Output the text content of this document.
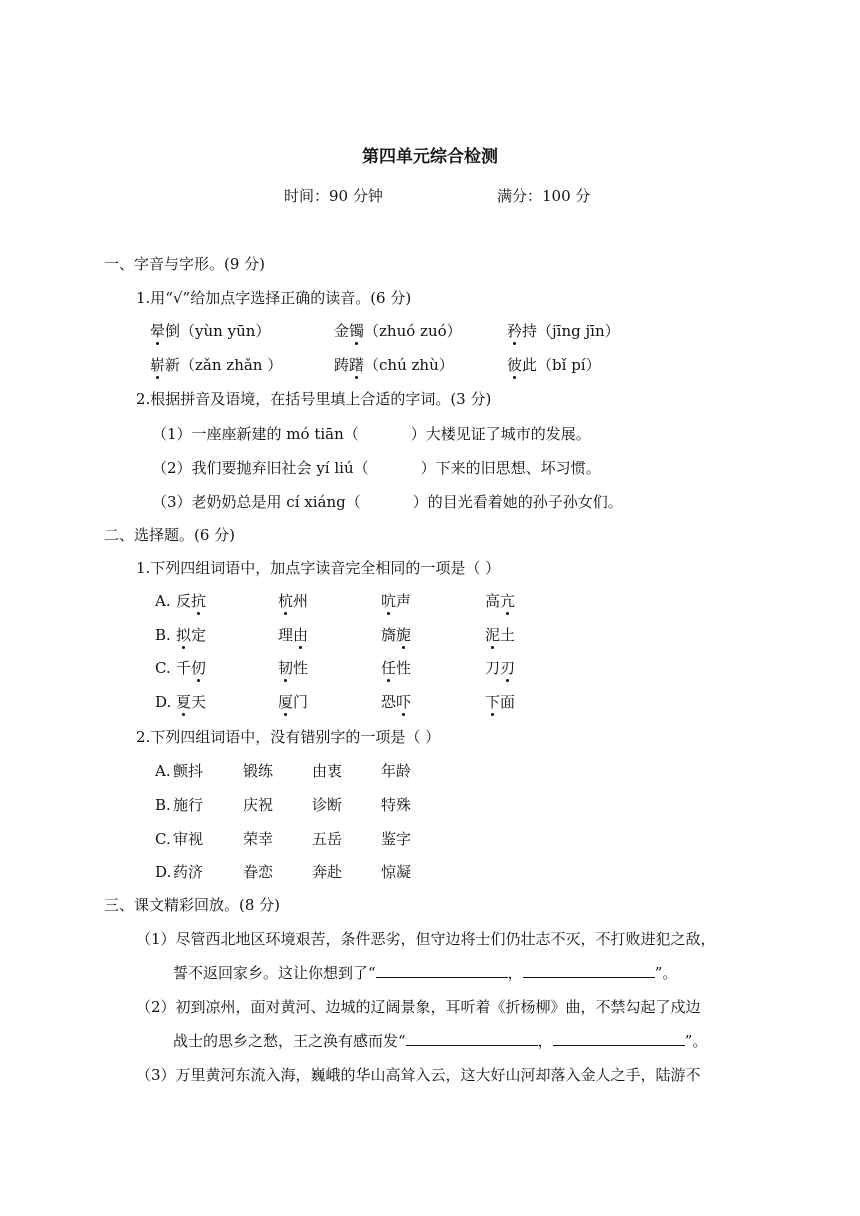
第四单元综合检测
时间：90 分钟	满分：100 分
一、字音与字形。(9 分)
1.用“√”给加点字选择正确的读音。(6 分)
晕倒（yùn yūn）	金镯（zhuó zuó）	矜持（jīng jīn）
崭新（zǎn zhǎn ）	踌躇（chú zhù）	彼此（bǐ pí）
2.根据拼音及语境，在括号里填上合适的字词。(3 分)
（1）一座座新建的 mó tiān（	）大楼见证了城市的发展。
（2）我们要抛弃旧社会 yí liú（	）下来的旧思想、坏习惯。
（3）老奶奶总是用 cí xiáng（	）的目光看着她的孙子孙女们。
二、选择题。(6 分)
1.下列四组词语中，加点字读音完全相同的一项是（ ）
A. 反抗	杭州	吭声	高亢
B. 拟定	理由	旖旎	泥土
C. 千仞	韧性	任性	刀刃
D. 夏天	厦门	恐吓	下面
2.下列四组词语中，没有错别字的一项是（ ）
A. 颤抖	锻练	由衷	年龄
B. 施行	庆祝	诊断	特殊
C. 审视	荣幸	五岳	鉴字
D. 药济	眷恋	奔赴	惊凝
三、课文精彩回放。(8 分)
（1）尽管西北地区环境艰苦，条件恶劣，但守边将士们仍壮志不灭，不打败进犯之敌，
誓不返回家乡。这让你想到了“	，	”。
（2）初到凉州，面对黄河、边城的辽阔景象，耳听着《折杨柳》曲，不禁勾起了戍边
战士的思乡之愁，王之涣有感而发“	，	”。
（3）万里黄河东流入海，巍峨的华山高耸入云，这大好山河却落入金人之手，陆游不
